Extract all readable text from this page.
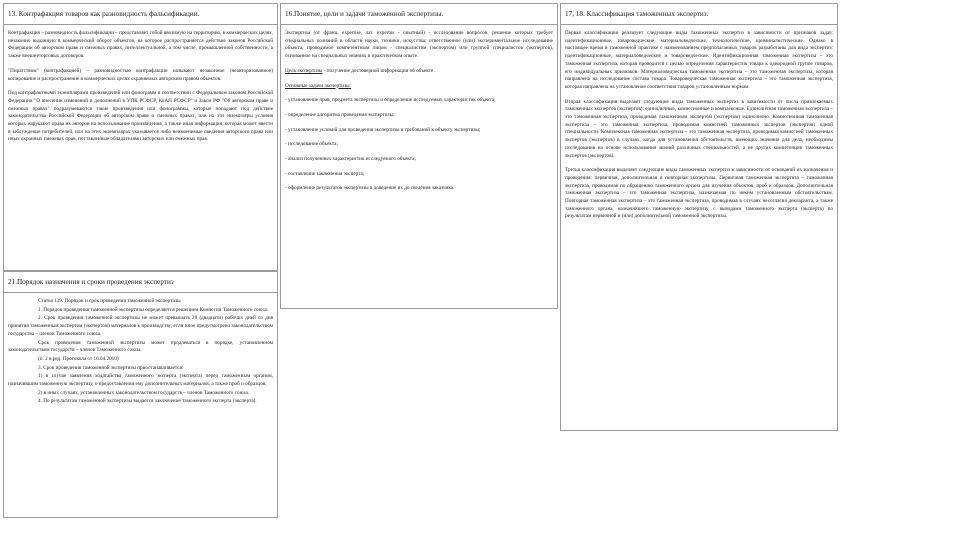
13. Контрафакция товаров как разновидность фальсификации.

Контрафакция – разновидность фальсификации – представляет собой ввозимую на территорию, в коммерческих целях, незаконно выданную в коммерческий оборот объектов, на которое распространяется действие законов Российской Федерации об авторском праве и смежных правах, интеллектуальной, а том числе, промышленной собственности, а также внешнеторговых договоров.

"Пиратством" (контрафакцией) – разновидностью контрафакции называют незаконное (неавторизованное) копирование и распространение в коммерческих целях охраняемых авторским правом объектов.

Под контрафактными экземплярами произведений или фонограмм в соответствии с Федеральным законом Российской Федерации "О внесении изменений и дополнений в УПК РСФСР, КоАП РСФСР" и Закон РФ "Об авторском праве и смежных правах" подразумеваются такие произведения или фонограммы, которые попадают под действие законодательства Российской Федерации об авторском праве и смежных правах, или на эти экземпляры условия которых нарушают права их авторов на использование произведения, а также иная информация, которая может ввести в заблуждение потребителей, или на этих экземплярах указывается либо неизменимые сведения авторского права или иных охранных смежных прав, поставленные обладателями авторских или смежных прав.

21.Порядок назначения и сроки проведения экспертиз

Статья 139. Порядок и срок проведения таможенной экспертизы

1. Порядок проведения таможенной экспертизы определяется решением Комиссии Таможенного союза.

2. Срок проведения таможенной экспертизы не может превышать 20 (двадцати) рабочих дней со дня принятия таможенным экспертом (экспертом) материалов к производству, если иное предусмотрено законодательством государства – членов Таможенного союза.

Срок проведения таможенной экспертизы может продлеваться в порядке, установленном законодательством государств – членов Таможенного союза.

(п. 2 в ред. Протокола от 16.04.2010)

3. Срок проведения таможенной экспертизы приостанавливается:

1) в случае заявления ходатайства таможенного эксперта (эксперта) перед таможенным органом, назначившим таможенную экспертизу, о предоставлении ему дополнительных материалов, а также проб и образцов;

2) в иных случаях, установленных законодательством государств – членов Таможенного союза.

4. По результатам таможенной экспертизы выдается заключение таможенного эксперта (эксперта).

16.Понятие, цели и задачи таможенной экспертизы.

Экспертиза (от франц. expertise, лат. expertus - опытный) - исследование вопросов, решение которых требует специальных познаний в области науки, техники, искусства; ответственное (или) экспериментальное исследование объекта, проводимое компетентным лицом - специалистом (экспертом) или группой специалистов (экспертов), основанное на специальных знаниях и практическом опыте.

Цель экспертизы - получение достоверной информации об объекте.

Основные задачи экспертизы:

- установление прав, предмета экспертизы и определение исследуемых характеристик объекта;

- определение алгоритма проведения экспертизы;

- установление условий для проведения экспертизы в требований к объекту экспертизы;

- исследование объекта;

- анализ полученных характеристик исследуемого объекта;

- составление заключения эксперта;

- оформление результатов экспертизы в доведение их до сведения заказчика.

17, 18. Классификация таможенных экспертиз.

Первая классификация реализует следующие виды таможенных экспертиз в зависимости от признаков задач: идентификационные, товароведческие, материаловедческие, технологические, криминалистические. Однако в настоящее время в таможенной практике с наименованием предполагаемых товаров разработаны для вида экспертиз: идентификационные, материаловедческие и товароведческие. Идентификационная таможенная экспертиза – это таможенная экспертиза, которая проводится с целью определения характеристик товара к однородной группе товаров, его индивидуальных признаков. Материаловедческая таможенная экспертиза – это таможенная экспертиза, которая направлена на исследование состава товара. Товароведческая таможенная экспертиза – это таможенная экспертиза, которая направлена на установление соответствия товаров установленным нормам.

Вторая классификация выделяет следующие виды таможенных экспертиз в зависимости от числа привлекаемых таможенных экспертов (экспертов): единоличные, комиссионные и комплексные. Единоличная таможенная экспертиза – это таможенная экспертиза, проводимая таможенным экспертом (экспертом) единолично. Комиссионная таможенная экспертиза – это таможенная экспертиза, проводимая комиссией таможенных экспертов (экспертов) одной специальности. Комплексная таможенная экспертиза – это таможенная экспертиза, проводимая комиссией таможенных экспертов (экспертов) в случаях, когда для установления обстоятельств, имеющих значение для дела, необходимы исследования на основе использования знаний различных специальностей, а не других компетенции таможенных экспертов (экспертов).

Третья классификация выделяет следующие виды таможенных экспертиз в зависимости от оснований их назначения и проведения: первичная, дополнительная и повторная экспертизы. Первичная таможенная экспертиза – таможенная экспертиза, проводимая по обращению таможенного органа для изучения объектов, проб и образцов. Дополнительная таможенная экспертиза – это таможенная экспертиза, назначаемая по неким установленным обстоятельствам. Повторная таможенная экспертиза – это таможенная экспертиза, проводимая в случаях несогласия декларанта, а также таможенного органа, назначившего таможенную экспертизу, с выводами таможенного эксперта (эксперта) по результатам первичной и (или) дополнительной таможенной экспертизы.
